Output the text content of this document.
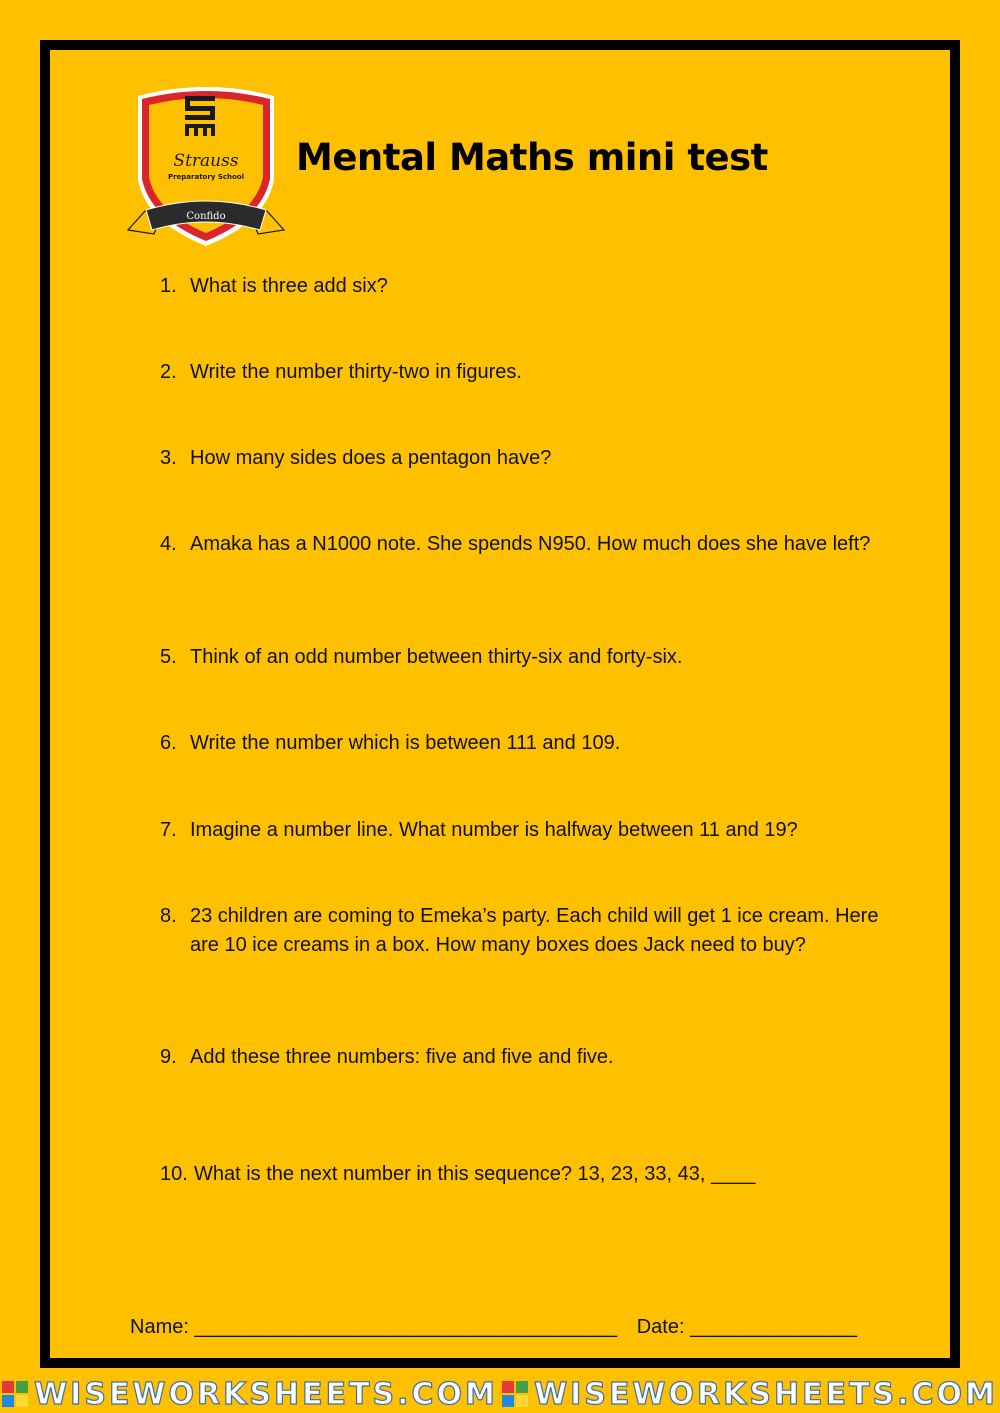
Strauss
Preparatory School
Confido
Mental Maths mini test
1. What is three add six?
2. Write the number thirty-two in figures.
3. How many sides does a pentagon have?
4. Amaka has a N1000 note. She spends N950. How much does she have left?
5. Think of an odd number between thirty-six and forty-six.
6. Write the number which is between 111 and 109.
7. Imagine a number line. What number is halfway between 11 and 19?
8. 23 children are coming to Emeka’s party. Each child will get 1 ice cream. Here are 10 ice creams in a box. How many boxes does Jack need to buy?
9. Add these three numbers: five and five and five.
10. What is the next number in this sequence? 13, 23, 33, 43, ____
Name: ______________________________________ Date: _______________
WISEWORKSHEETS.COM WISEWORKSHEETS.COM
